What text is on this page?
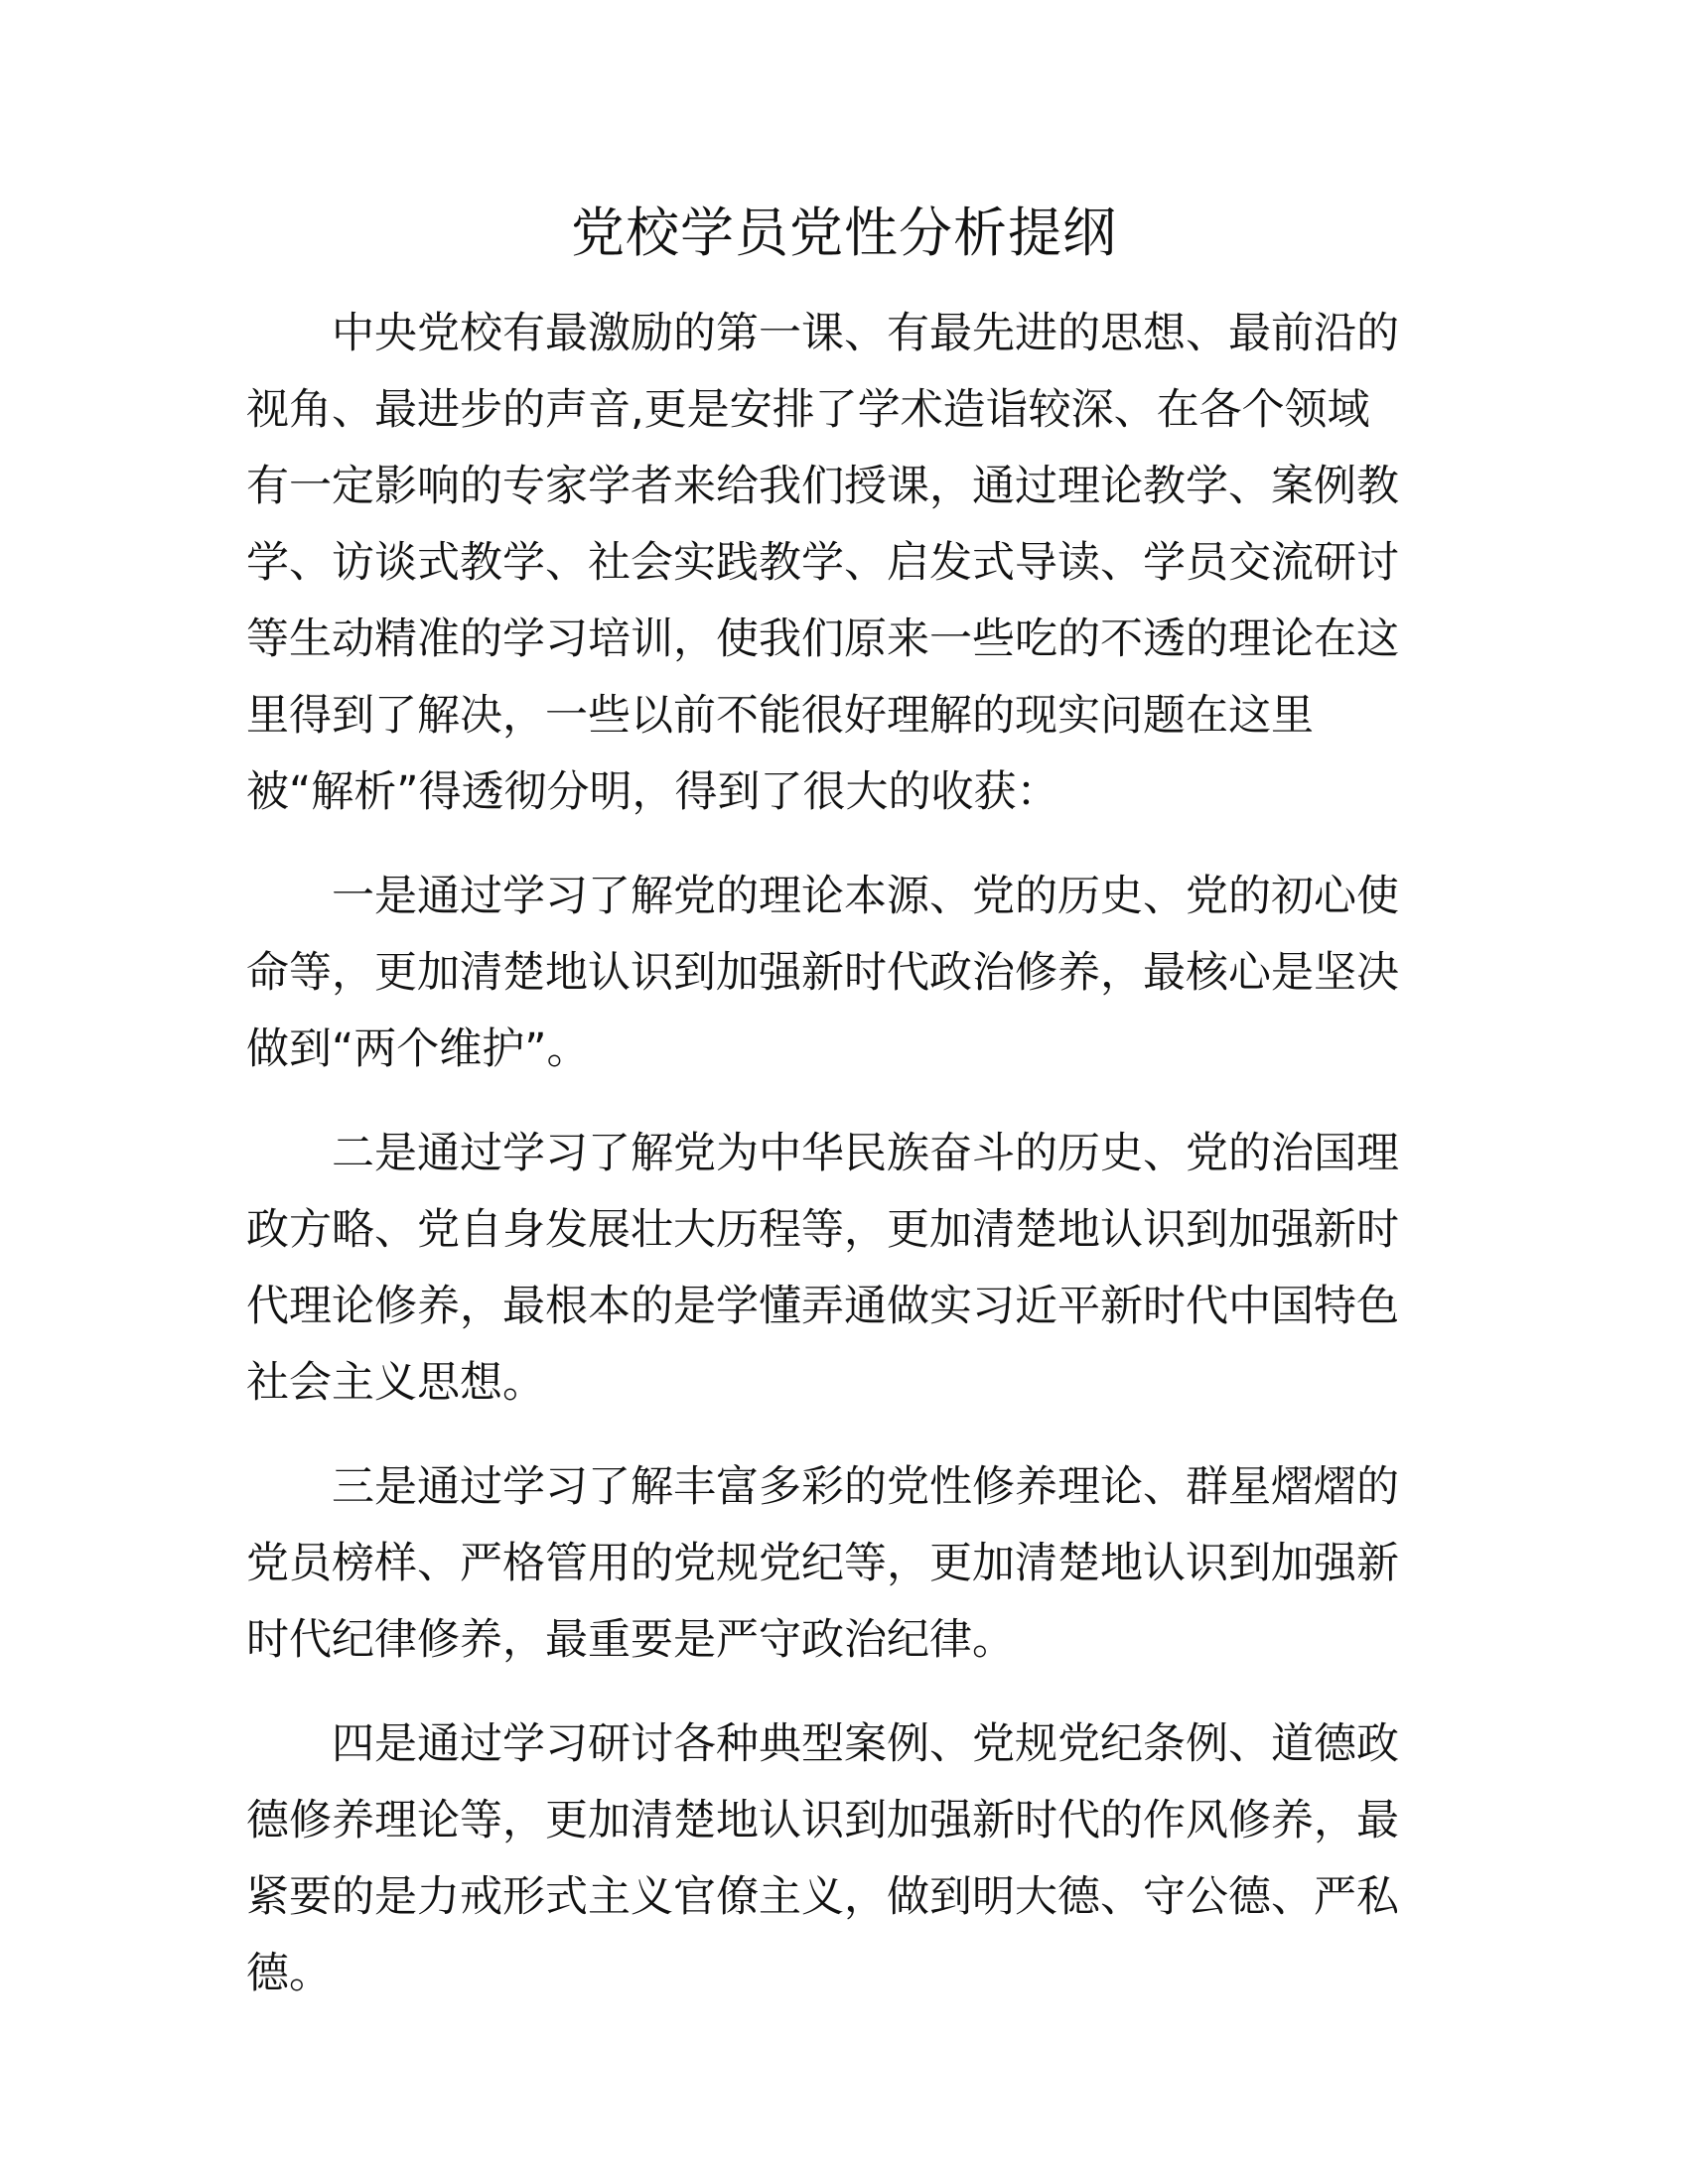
党校学员党性分析提纲

中央党校有最激励的第一课、有最先进的思想、最前沿的
视角、最进步的声音,更是安排了学术造诣较深、在各个领域
有一定影响的专家学者来给我们授课，通过理论教学、案例教
学、访谈式教学、社会实践教学、启发式导读、学员交流研讨
等生动精准的学习培训，使我们原来一些吃的不透的理论在这
里得到了解决，一些以前不能很好理解的现实问题在这里
被“解析”得透彻分明，得到了很大的收获：

一是通过学习了解党的理论本源、党的历史、党的初心使
命等，更加清楚地认识到加强新时代政治修养，最核心是坚决
做到“两个维护”。

二是通过学习了解党为中华民族奋斗的历史、党的治国理
政方略、党自身发展壮大历程等，更加清楚地认识到加强新时
代理论修养，最根本的是学懂弄通做实习近平新时代中国特色
社会主义思想。

三是通过学习了解丰富多彩的党性修养理论、群星熠熠的
党员榜样、严格管用的党规党纪等，更加清楚地认识到加强新
时代纪律修养，最重要是严守政治纪律。

四是通过学习研讨各种典型案例、党规党纪条例、道德政
德修养理论等，更加清楚地认识到加强新时代的作风修养，最
紧要的是力戒形式主义官僚主义，做到明大德、守公德、严私
德。
